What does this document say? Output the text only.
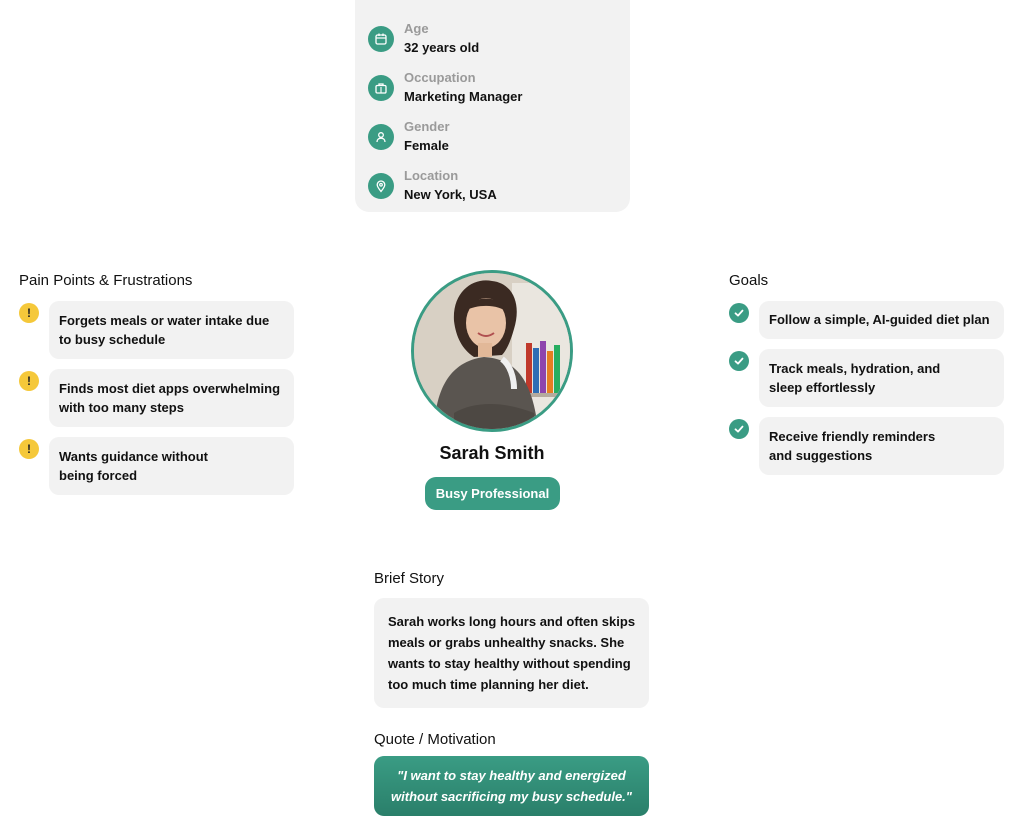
Age
32 years old
Occupation
Marketing Manager
Gender
Female
Location
New York, USA
Pain Points & Frustrations
!	Forgets meals or water intake due
to busy schedule
!	Finds most diet apps overwhelming
with too many steps
!	Wants guidance without
being forced
Sarah Smith
Busy Professional
Goals
Follow a simple, AI-guided diet plan
Track meals, hydration, and
sleep effortlessly
Receive friendly reminders
and suggestions
Brief Story
Sarah works long hours and often skips
meals or grabs unhealthy snacks. She
wants to stay healthy without spending
too much time planning her diet.
Quote / Motivation
"I want to stay healthy and energized
without sacrificing my busy schedule."
